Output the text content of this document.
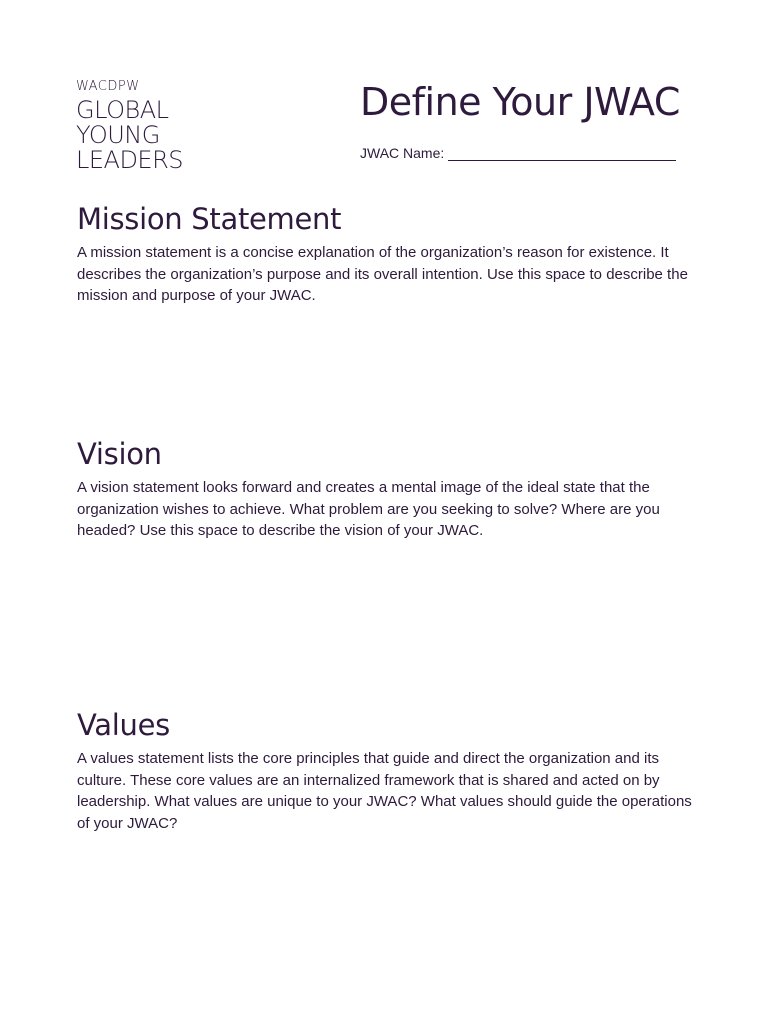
WACDPW
GLOBAL
YOUNG
LEADERS
Define Your JWAC
JWAC Name:
Mission Statement

A mission statement is a concise explanation of the organization’s reason for existence. It describes the organization’s purpose and its overall intention. Use this space to describe the mission and purpose of your JWAC.

Vision

A vision statement looks forward and creates a mental image of the ideal state that the organization wishes to achieve. What problem are you seeking to solve? Where are you headed? Use this space to describe the vision of your JWAC.

Values

A values statement lists the core principles that guide and direct the organization and its culture. These core values are an internalized framework that is shared and acted on by leadership. What values are unique to your JWAC? What values should guide the operations of your JWAC?
